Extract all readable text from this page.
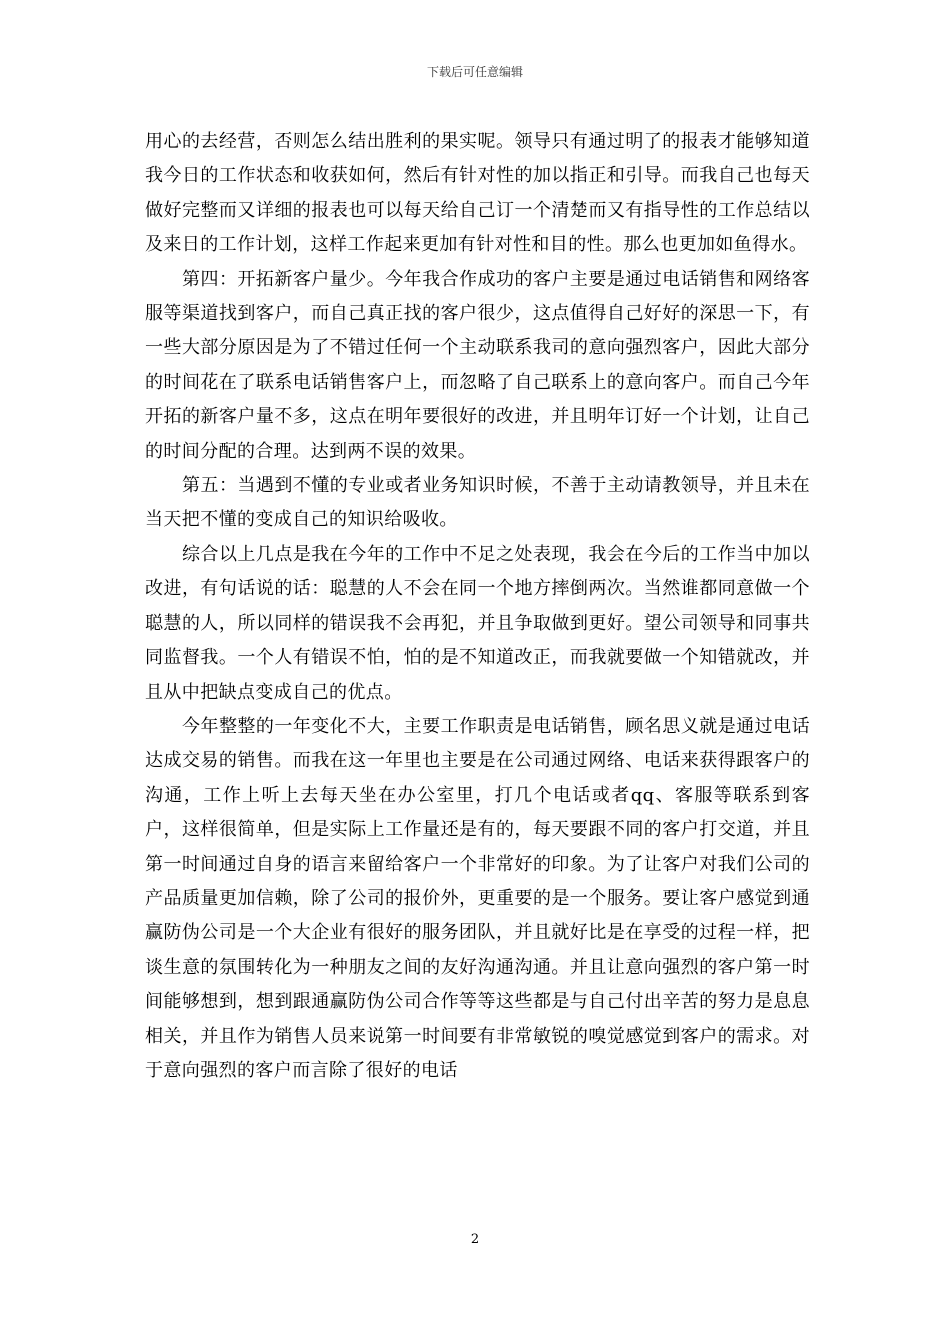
下载后可任意编辑

用心的去经营，否则怎么结出胜利的果实呢。领导只有通过明了的报表才能够知道我今日的工作状态和收获如何，然后有针对性的加以指正和引导。而我自己也每天做好完整而又详细的报表也可以每天给自己订一个清楚而又有指导性的工作总结以及来日的工作计划，这样工作起来更加有针对性和目的性。那么也更加如鱼得水。

第四：开拓新客户量少。今年我合作成功的客户主要是通过电话销售和网络客服等渠道找到客户，而自己真正找的客户很少，这点值得自己好好的深思一下，有一些大部分原因是为了不错过任何一个主动联系我司的意向强烈客户，因此大部分的时间花在了联系电话销售客户上，而忽略了自己联系上的意向客户。而自己今年开拓的新客户量不多，这点在明年要很好的改进，并且明年订好一个计划，让自己的时间分配的合理。达到两不误的效果。

第五：当遇到不懂的专业或者业务知识时候，不善于主动请教领导，并且未在当天把不懂的变成自己的知识给吸收。

综合以上几点是我在今年的工作中不足之处表现，我会在今后的工作当中加以改进，有句话说的话：聪慧的人不会在同一个地方摔倒两次。当然谁都同意做一个聪慧的人，所以同样的错误我不会再犯，并且争取做到更好。望公司领导和同事共同监督我。一个人有错误不怕，怕的是不知道改正，而我就要做一个知错就改，并且从中把缺点变成自己的优点。

今年整整的一年变化不大，主要工作职责是电话销售，顾名思义就是通过电话达成交易的销售。而我在这一年里也主要是在公司通过网络、电话来获得跟客户的沟通，工作上听上去每天坐在办公室里，打几个电话或者qq、客服等联系到客户，这样很简单，但是实际上工作量还是有的，每天要跟不同的客户打交道，并且第一时间通过自身的语言来留给客户一个非常好的印象。为了让客户对我们公司的产品质量更加信赖，除了公司的报价外，更重要的是一个服务。要让客户感觉到通赢防伪公司是一个大企业有很好的服务团队，并且就好比是在享受的过程一样，把谈生意的氛围转化为一种朋友之间的友好沟通沟通。并且让意向强烈的客户第一时间能够想到，想到跟通赢防伪公司合作等等这些都是与自己付出辛苦的努力是息息相关，并且作为销售人员来说第一时间要有非常敏锐的嗅觉感觉到客户的需求。对于意向强烈的客户而言除了很好的电话

2
